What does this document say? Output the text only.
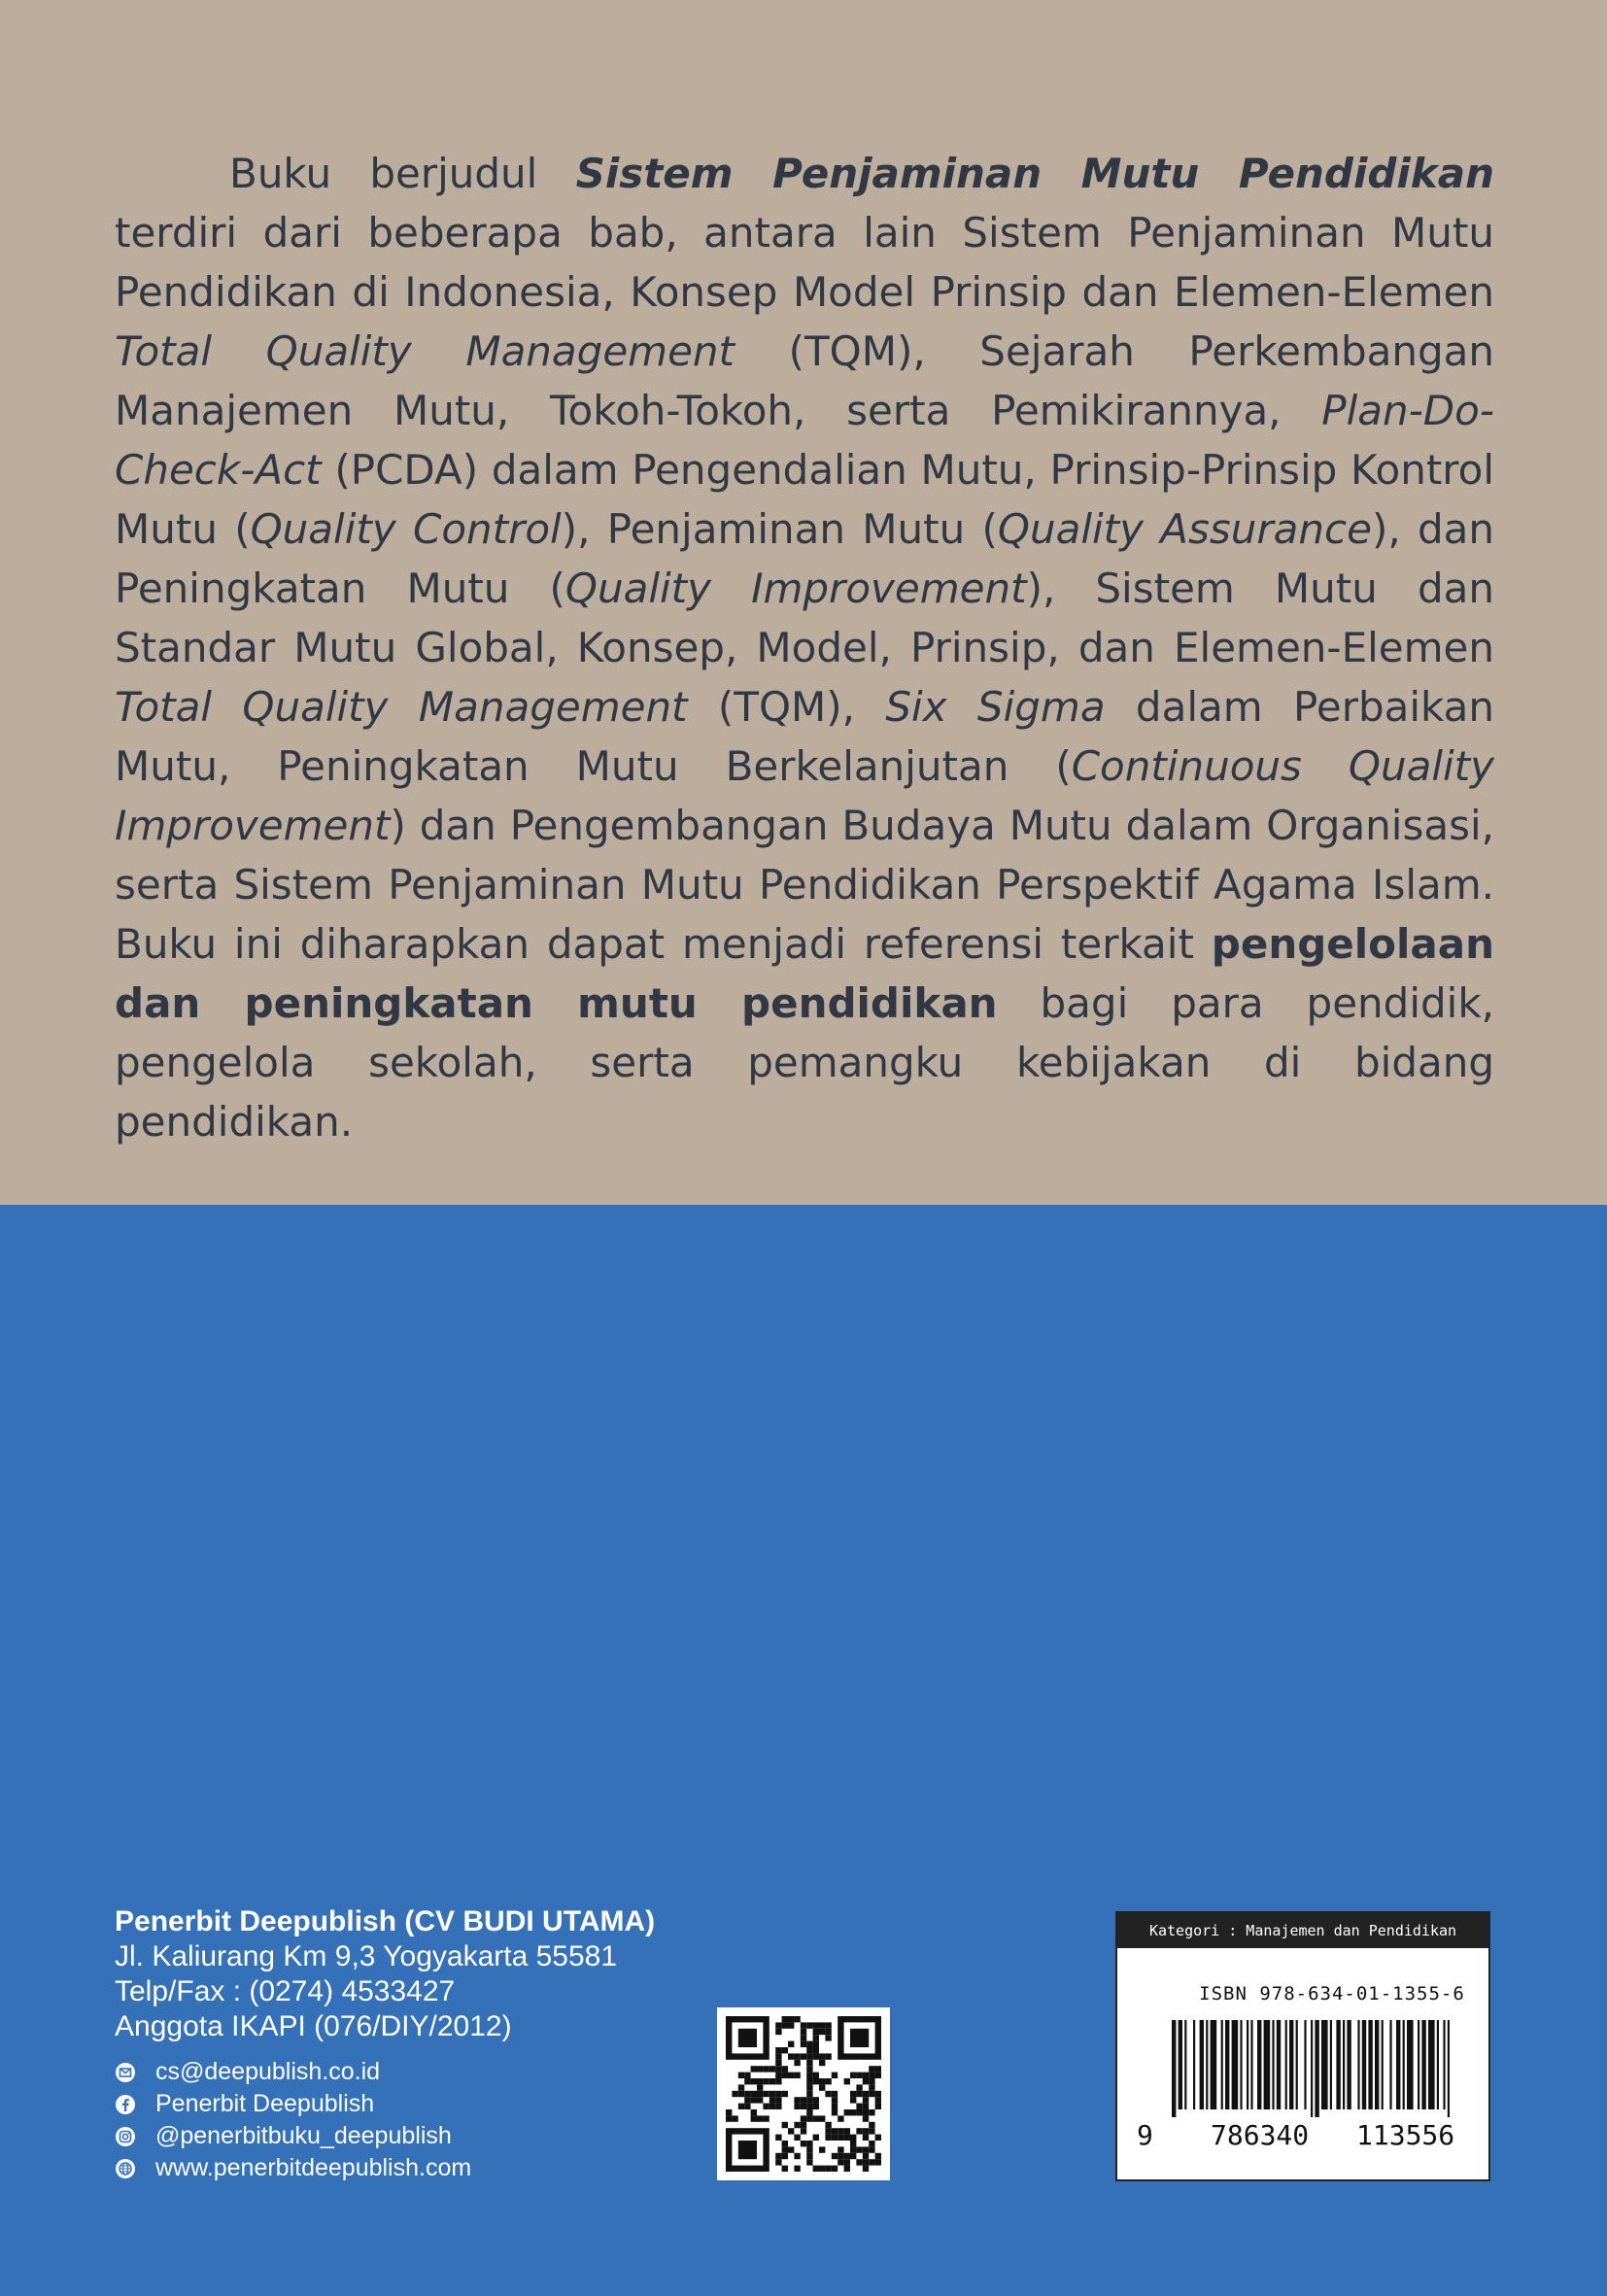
Buku berjudul Sistem Penjaminan Mutu Pendidikan terdiri dari beberapa bab, antara lain Sistem Penjaminan Mutu Pendidikan di Indonesia, Konsep Model Prinsip dan Elemen-Elemen Total Quality Management (TQM), Sejarah Perkembangan Manajemen Mutu, Tokoh-Tokoh, serta Pemikirannya, Plan-Do-Check-Act (PCDA) dalam Pengendalian Mutu, Prinsip-Prinsip Kontrol Mutu (Quality Control), Penjaminan Mutu (Quality Assurance), dan Peningkatan Mutu (Quality Improvement), Sistem Mutu dan Standar Mutu Global, Konsep, Model, Prinsip, dan Elemen-Elemen Total Quality Management (TQM), Six Sigma dalam Perbaikan Mutu, Peningkatan Mutu Berkelanjutan (Continuous Quality Improvement) dan Pengembangan Budaya Mutu dalam Organisasi, serta Sistem Penjaminan Mutu Pendidikan Perspektif Agama Islam. Buku ini diharapkan dapat menjadi referensi terkait pengelolaan dan peningkatan mutu pendidikan bagi para pendidik, pengelola sekolah, serta pemangku kebijakan di bidang pendidikan.

Penerbit Deepublish (CV BUDI UTAMA)

Jl. Kaliurang Km 9,3 Yogyakarta 55581

Telp/Fax : (0274) 4533427

Anggota IKAPI (076/DIY/2012)

cs@deepublish.co.id
Penerbit Deepublish
@penerbitbuku_deepublish
www.penerbitdeepublish.com
Kategori : Manajemen dan Pendidikan
ISBN 978-634-01-1355-6
9 786340 113556
